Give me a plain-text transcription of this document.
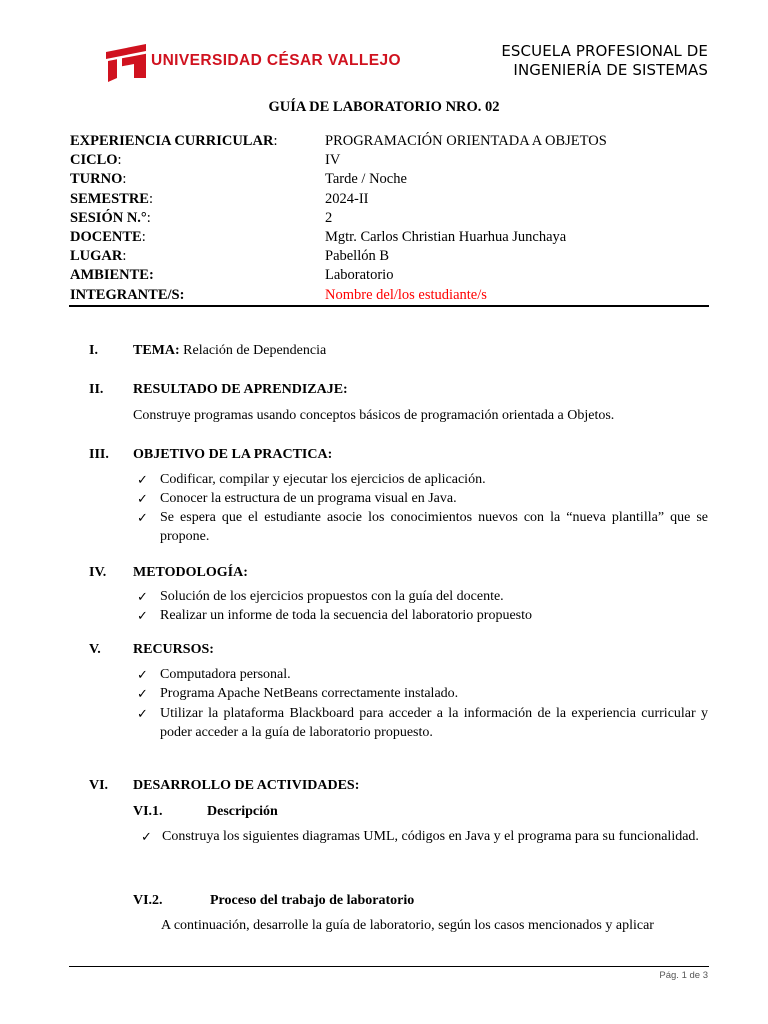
UNIVERSIDAD CÉSAR VALLEJO
ESCUELA PROFESIONAL DE
INGENIERÍA DE SISTEMAS
GUÍA DE LABORATORIO NRO. 02
EXPERIENCIA CURRICULAR:	PROGRAMACIÓN ORIENTADA A OBJETOS
CICLO:	IV
TURNO:	Tarde / Noche
SEMESTRE:	2024-II
SESIÓN N.°:	2
DOCENTE:	Mgtr. Carlos Christian Huarhua Junchaya
LUGAR:	Pabellón B
AMBIENTE:	Laboratorio
INTEGRANTE/S:	Nombre del/los estudiante/s
I.	TEMA: Relación de Dependencia
II. RESULTADO DE APRENDIZAJE:
Construye programas usando conceptos básicos de programación orientada a Objetos.
III. OBJETIVO DE LA PRACTICA:
✓ Codificar, compilar y ejecutar los ejercicios de aplicación.
✓ Conocer la estructura de un programa visual en Java.
✓ Se espera que el estudiante asocie los conocimientos nuevos con la “nueva plantilla” que se propone.
IV. METODOLOGÍA:
✓ Solución de los ejercicios propuestos con la guía del docente.
✓ Realizar un informe de toda la secuencia del laboratorio propuesto
V. RECURSOS:
✓ Computadora personal.
✓ Programa Apache NetBeans correctamente instalado.
✓ Utilizar la plataforma Blackboard para acceder a la información de la experiencia curricular y poder acceder a la guía de laboratorio propuesto.
VI. DESARROLLO DE ACTIVIDADES:
VI.1.	Descripción
✓ Construya los siguientes diagramas UML, códigos en Java y el programa para su funcionalidad.
VI.2.	Proceso del trabajo de laboratorio
A continuación, desarrolle la guía de laboratorio, según los casos mencionados y aplicar
Pág. 1 de 3
